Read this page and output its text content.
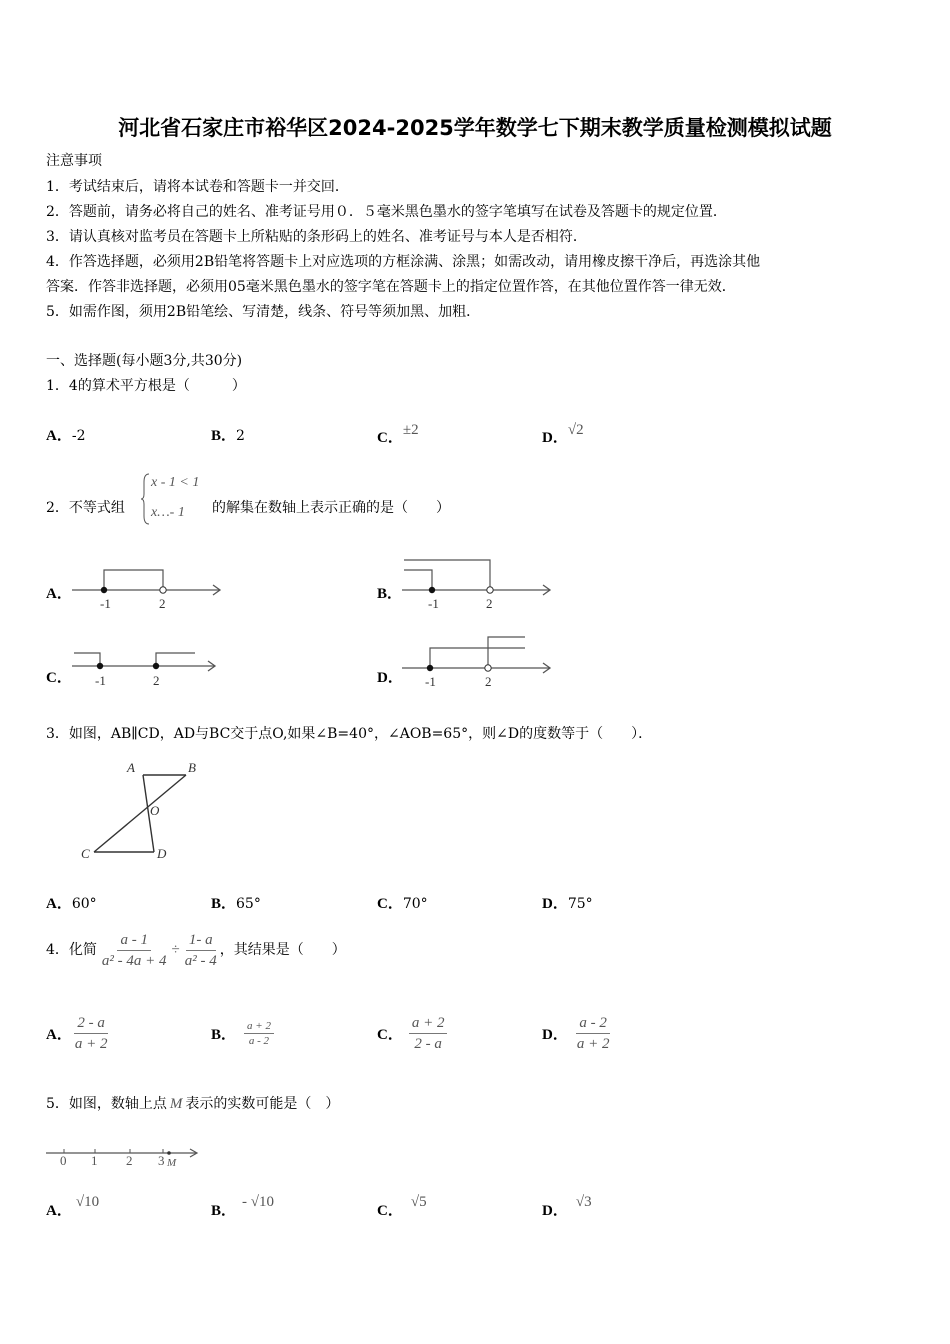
河北省石家庄市裕华区2024-2025学年数学七下期末教学质量检测模拟试题
注意事项
1．考试结束后，请将本试卷和答题卡一并交回．
2．答题前，请务必将自己的姓名、准考证号用０．５毫米黑色墨水的签字笔填写在试卷及答题卡的规定位置．
3．请认真核对监考员在答题卡上所粘贴的条形码上的姓名、准考证号与本人是否相符．
4．作答选择题，必须用2B铅笔将答题卡上对应选项的方框涂满、涂黑；如需改动，请用橡皮擦干净后，再选涂其他
答案．作答非选择题，必须用05毫米黑色墨水的签字笔在答题卡上的指定位置作答，在其他位置作答一律无效．
5．如需作图，须用2B铅笔绘、写清楚，线条、符号等须加黑、加粗．
一、选择题(每小题3分,共30分)
1．4的算术平方根是（　　　）
A．-2	B．2	C．±2	D．√2
2．不等式组
x - 1 < 1
x…- 1 的解集在数轴上表示正确的是（　　）
A．
-1	2
B．
-1	2
C． -1	2	D． -1	2
3．如图，AB∥CD，AD与BC交于点O,如果∠B=40°，∠AOB=65°，则∠D的度数等于（　　）．
A	B
O
C	D
A．60°	B．65°	C．70°	D．75°
4．化简 $\frac{a - 1}{\text{a² - 4a + 4}} \div \frac{1- a}{\text{a² - 4}}$ ，其结果是（　　）
A． $\frac{2 - a}{a + 2}$	B． $\frac{a + 2}{a - 2}$	C． $\frac{a + 2}{2 - a}$	D． $\frac{a - 2}{a + 2}$
5．如图，数轴上点 M 表示的实数可能是（　）
0 1 2 3 M
A．√10
B．- √10
C．√5
D．√3
